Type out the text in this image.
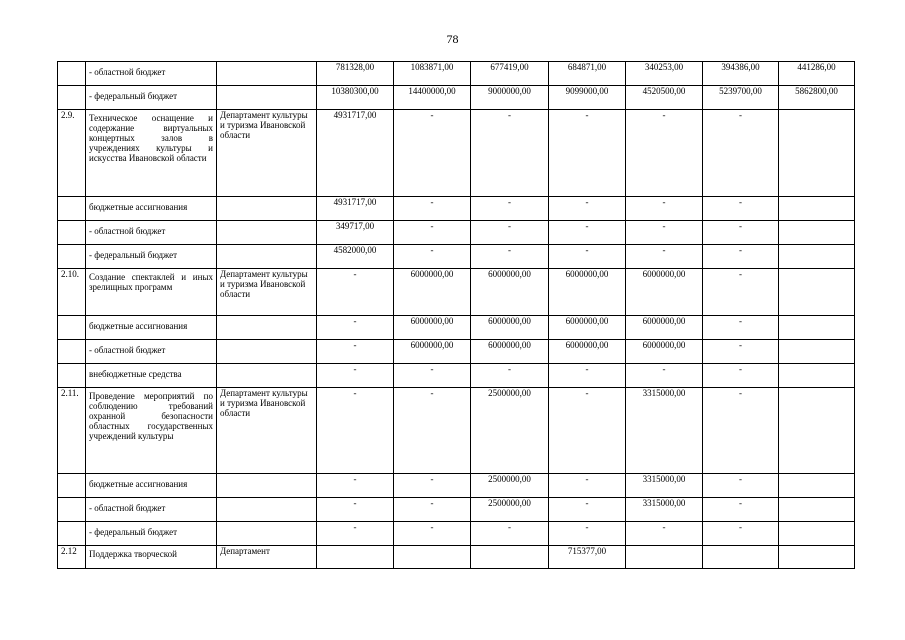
78
	- областной бюджет		781328,00	1083871,00	677419,00	684871,00	340253,00	394386,00	441286,00
	- федеральный бюджет		10380300,00	14400000,00	9000000,00	9099000,00	4520500,00	5239700,00	5862800,00
2.9.	Техническое оснащение и содержание виртуальных концертных залов в учреждениях культуры и искусства Ивановской области	Департамент культуры и туризма Ивановской области	4931717,00	-	-	-	-	-	
	бюджетные ассигнования		4931717,00	-	-	-	-	-	
	- областной бюджет		349717,00	-	-	-	-	-	
	- федеральный бюджет		4582000,00	-	-	-	-	-	
2.10.	Создание спектаклей и иных зрелищных программ	Департамент культуры и туризма Ивановской области	-	6000000,00	6000000,00	6000000,00	6000000,00	-	
	бюджетные ассигнования		-	6000000,00	6000000,00	6000000,00	6000000,00	-	
	- областной бюджет		-	6000000,00	6000000,00	6000000,00	6000000,00	-	
	внебюджетные средства		-	-	-	-	-	-	
2.11.	Проведение мероприятий по соблюдению требований охранной безопасности областных государственных учреждений культуры	Департамент культуры и туризма Ивановской области	-	-	2500000,00	-	3315000,00	-	
	бюджетные ассигнования		-	-	2500000,00	-	3315000,00	-	
	- областной бюджет		-	-	2500000,00	-	3315000,00	-	
	- федеральный бюджет		-	-	-	-	-	-	
2.12	Поддержка творческой	Департамент				715377,00			
